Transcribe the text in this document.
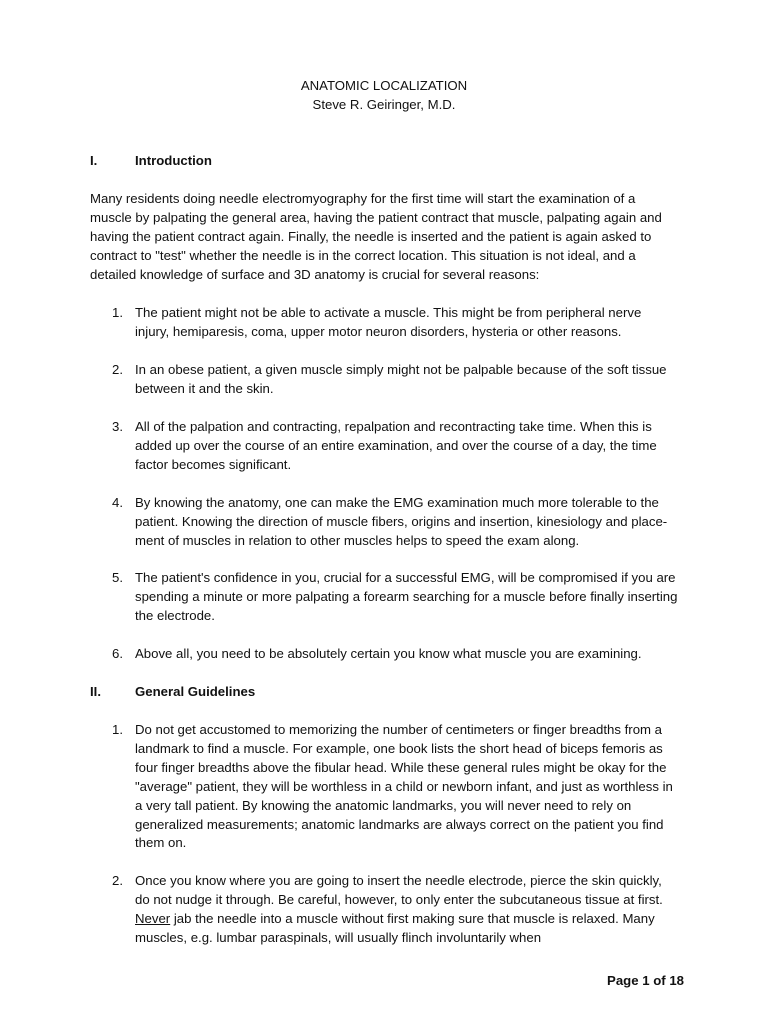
ANATOMIC LOCALIZATION
Steve R. Geiringer, M.D.
I.	Introduction
Many residents doing needle electromyography for the first time will start the examination of a muscle by palpating the general area, having the patient contract that muscle, palpating again and having the patient contract again. Finally, the needle is inserted and the patient is again asked to contract to "test" whether the needle is in the correct location. This situation is not ideal, and a detailed knowledge of surface and 3D anatomy is crucial for several reasons:
1. The patient might not be able to activate a muscle. This might be from peripheral nerve injury, hemiparesis, coma, upper motor neuron disorders, hysteria or other reasons.
2. In an obese patient, a given muscle simply might not be palpable because of the soft tissue between it and the skin.
3. All of the palpation and contracting, repalpation and recontracting take time. When this is added up over the course of an entire examination, and over the course of a day, the time factor becomes significant.
4. By knowing the anatomy, one can make the EMG examination much more tolerable to the patient. Knowing the direction of muscle fibers, origins and insertion, kinesiology and place-ment of muscles in relation to other muscles helps to speed the exam along.
5. The patient's confidence in you, crucial for a successful EMG, will be compromised if you are spending a minute or more palpating a forearm searching for a muscle before finally inserting the electrode.
6. Above all, you need to be absolutely certain you know what muscle you are examining.
II.	General Guidelines
1. Do not get accustomed to memorizing the number of centimeters or finger breadths from a landmark to find a muscle. For example, one book lists the short head of biceps femoris as four finger breadths above the fibular head. While these general rules might be okay for the "average" patient, they will be worthless in a child or newborn infant, and just as worthless in a very tall patient. By knowing the anatomic landmarks, you will never need to rely on generalized measurements; anatomic landmarks are always correct on the patient you find them on.
2. Once you know where you are going to insert the needle electrode, pierce the skin quickly, do not nudge it through. Be careful, however, to only enter the subcutaneous tissue at first. Never jab the needle into a muscle without first making sure that muscle is relaxed. Many muscles, e.g. lumbar paraspinals, will usually flinch involuntarily when
Page 1 of 18
